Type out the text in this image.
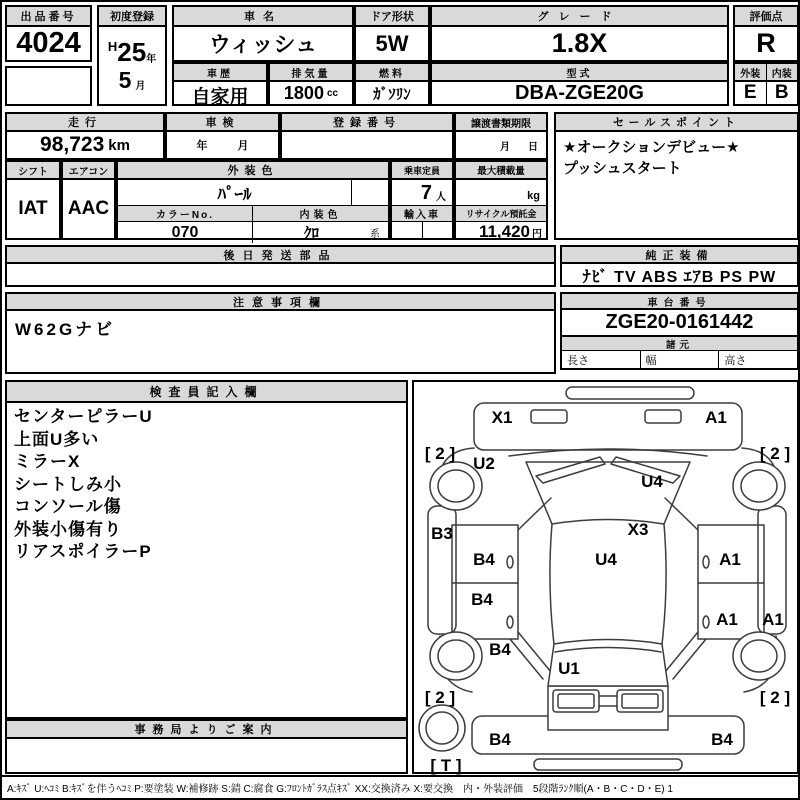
出品番号
4024
初度登録
H 25 年
5 月
車名
ウィッシュ
ドア形状
5W
グレード
1.8X
評価点
R
車歴
自家用
排気量
1800 cc
燃料
ｶﾞｿﾘﾝ
型式
DBA-ZGE20G
外装
E
内装
B
走行
98,723 km
車検
年	月
登録番号	譲渡書類期限
月 日
セールスポイント
★オークションデビュー★
プッシュスタート
シフト
IAT
エアコン
AAC
外装色
ﾊﾟｰﾙ
カラーNo.	内装色
070	ｸﾛ	系
乗車定員
7 人
輸入車
最大積載量
kg
リサイクル預託金
11,420 円
後日発送部品	純正装備
ﾅﾋﾞ TV ABS ｴｱB PS PW
注意事項欄
W62Gナビ
車台番号
ZGE20-0161442
諸元
長さ	幅	高さ
検査員記入欄
センターピラーU
上面U多い
ミラーX
シートしみ小
コンソール傷
外装小傷有り
リアスポイラーP
事務局よりご案内
X1	A1
[ 2 ]	[ 2 ]
U2
U4
B3	X3
B4	U4	A1
B4
A1 A1
B4
U1
[ 2 ]	[ 2 ]
B4	B4
[ T ]
A:ｷｽﾞ U:ﾍｺﾐ B:ｷｽﾞを伴うﾍｺﾐ P:要塗装 W:補修跡 S:錆 C:腐食 G:ﾌﾛﾝﾄｶﾞﾗｽ点ｷｽﾞ XX:交換済み X:要交換　内・外装評価　5段階ﾗﾝｸ順(A・B・C・D・E) 1
